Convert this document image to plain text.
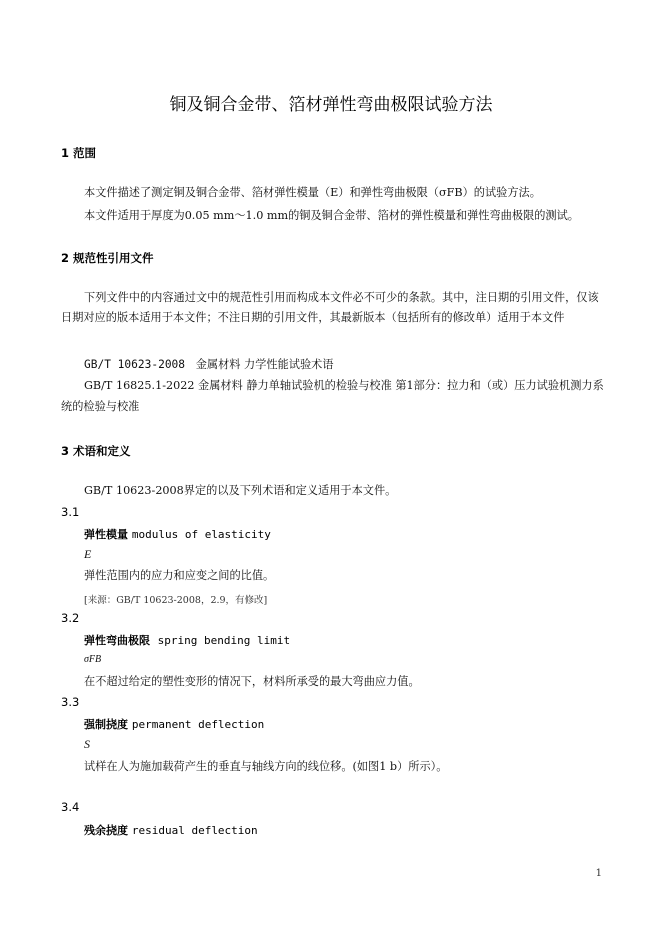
铜及铜合金带、箔材弹性弯曲极限试验方法
1 范围
本文件描述了测定铜及铜合金带、箔材弹性模量（E）和弹性弯曲极限（σFB）的试验方法。
本文件适用于厚度为0.05 mm～1.0 mm的铜及铜合金带、箔材的弹性模量和弹性弯曲极限的测试。
2 规范性引用文件
下列文件中的内容通过文中的规范性引用而构成本文件必不可少的条款。其中，注日期的引用文件，仅该日期对应的版本适用于本文件；不注日期的引用文件，其最新版本（包括所有的修改单）适用于本文件
GB/T 10623-2008 金属材料 力学性能试验术语
GB/T 16825.1-2022 金属材料 静力单轴试验机的检验与校准 第1部分：拉力和（或）压力试验机测力系统的检验与校准
3 术语和定义
GB/T 10623-2008界定的以及下列术语和定义适用于本文件。
3.1
弹性模量 modulus of elasticity
E
弹性范围内的应力和应变之间的比值。
[来源：GB/T 10623-2008，2.9，有修改]
3.2
弹性弯曲极限 spring bending limit
σFB
在不超过给定的塑性变形的情况下，材料所承受的最大弯曲应力值。
3.3
强制挠度 permanent deflection
S
试样在人为施加载荷产生的垂直与轴线方向的线位移。(如图1 b）所示）。
3.4
残余挠度 residual deflection
1
